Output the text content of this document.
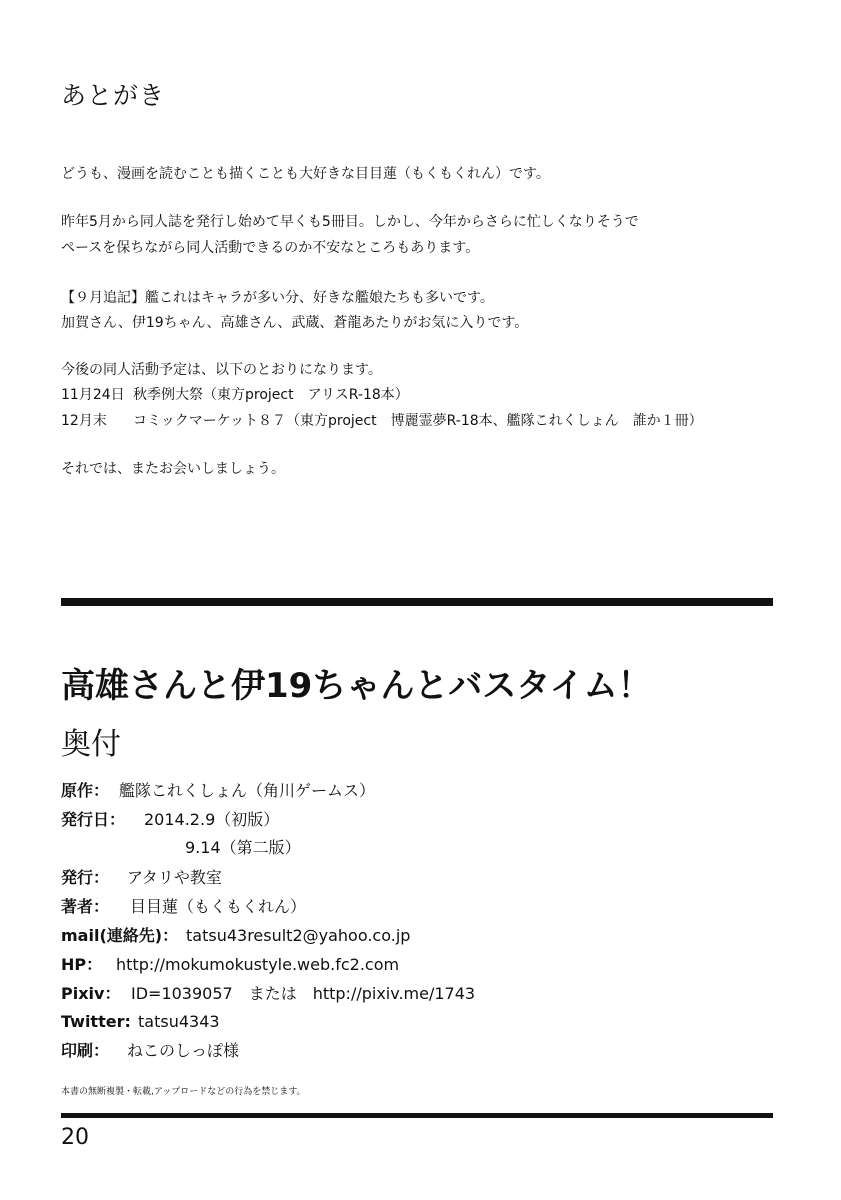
あとがき
どうも、漫画を読むことも描くことも大好きな目目蓮（もくもくれん）です。
昨年5月から同人誌を発行し始めて早くも5冊目。しかし、今年からさらに忙しくなりそうで
ペースを保ちながら同人活動できるのか不安なところもあります。
【９月追記】艦これはキャラが多い分、好きな艦娘たちも多いです。
加賀さん、伊19ちゃん、高雄さん、武蔵、蒼龍あたりがお気に入りです。
今後の同人活動予定は、以下のとおりになります。
11月24日 秋季例大祭（東方project　アリスR-18本）
12月末 コミックマーケット８７（東方project　博麗霊夢R-18本、艦隊これくしょん　誰か１冊）
それでは、またお会いしましょう。
高雄さんと伊19ちゃんとバスタイム！
奥付
原作： 艦隊これくしょん（角川ゲームス）
発行日： 2014.2.9（初版）
9.14（第二版）
発行： アタリや教室
著者： 目目蓮（もくもくれん）
mail(連絡先)： tatsu43result2@yahoo.co.jp
HP： http://mokumokustyle.web.fc2.com
Pixiv： ID=1039057　または　http://pixiv.me/1743
Twitter: tatsu4343
印刷： ねこのしっぽ様
本書の無断複製・転載,アップロードなどの行為を禁じます。
20
